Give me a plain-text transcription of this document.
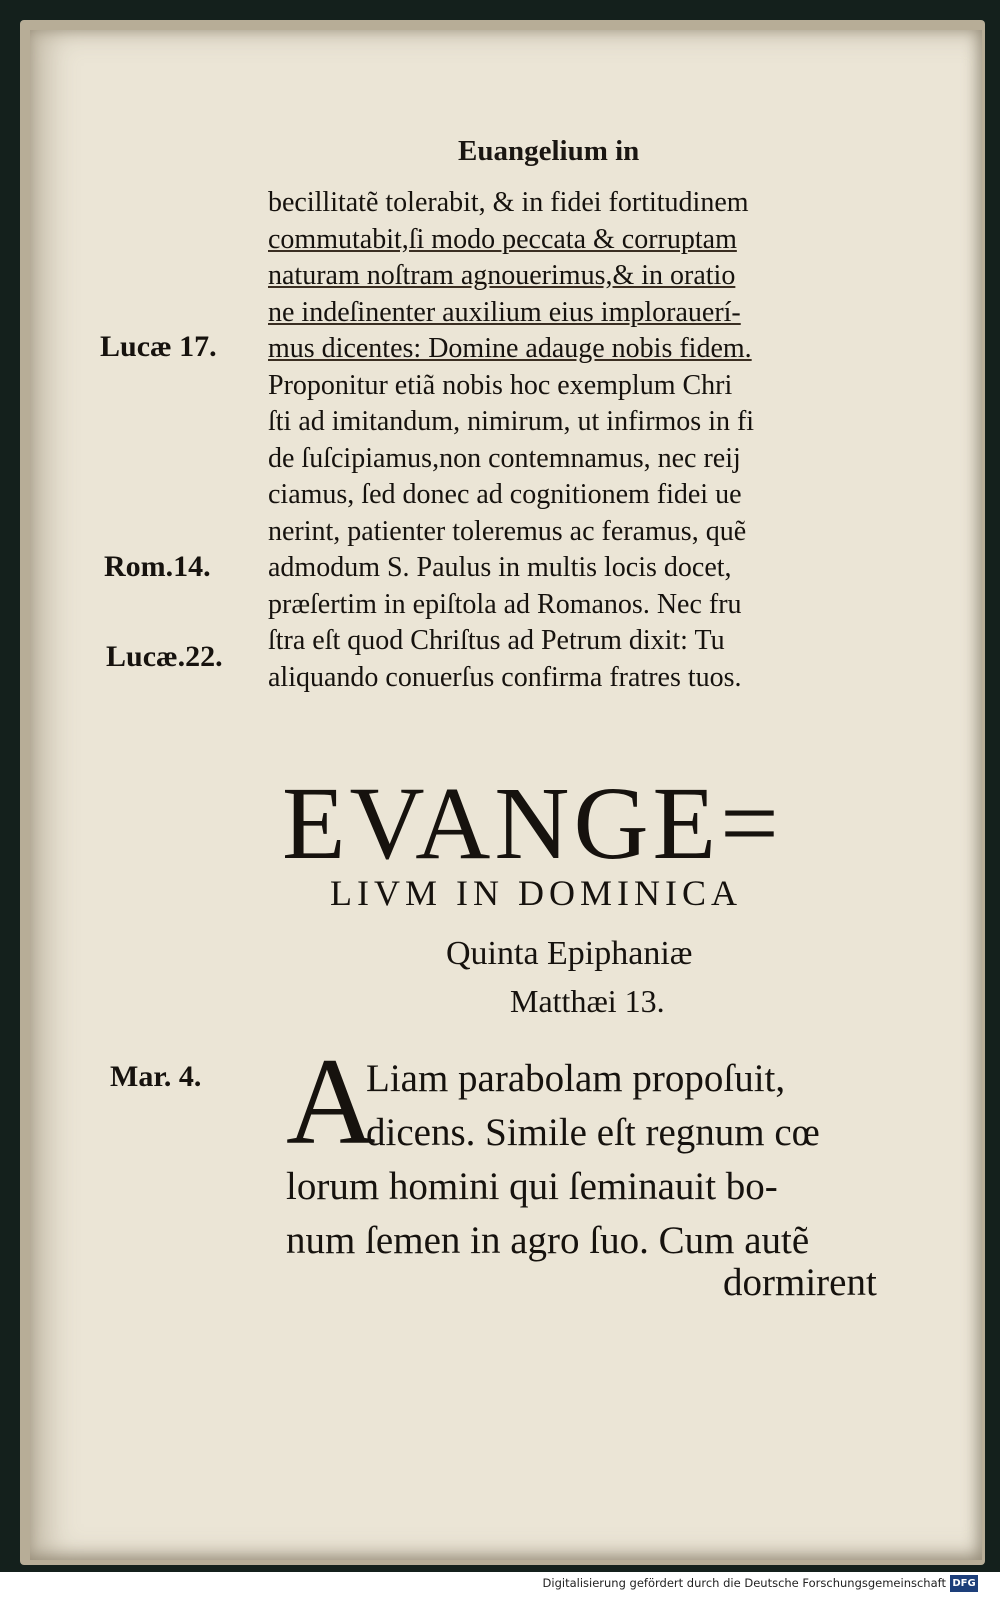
Euangelium in
becillitatẽ tolerabit, & in fidei fortitudinem
commutabit,ſi modo peccata & corruptam
naturam noſtram agnouerimus,& in oratio
ne indeſinenter auxilium eius implorauerí-
mus dicentes: Domine adauge nobis fidem.
Proponitur etiã nobis hoc exemplum Chri
ſti ad imitandum, nimirum, ut infirmos in fi
de ſuſcipiamus,non contemnamus, nec reij
ciamus, ſed donec ad cognitionem fidei ue
nerint, patienter toleremus ac feramus, quẽ
admodum S. Paulus in multis locis docet,
præſertim in epiſtola ad Romanos. Nec fru
ſtra eſt quod Chriſtus ad Petrum dixit: Tu
aliquando conuerſus confirma fratres tuos.
Lucæ 17.
Rom.14.
Lucæ.22.
Mar. 4.
EVANGE=
LIVM IN DOMINICA
Quinta Epiphaniæ
Matthæi 13.
A
Liam parabolam propoſuit,
dicens. Simile eſt regnum cœ
lorum homini qui ſeminauit bo-
num ſemen in agro ſuo. Cum autẽ
dormirent
Digitalisierung gefördert durch die Deutsche Forschungsgemeinschaft DFG
